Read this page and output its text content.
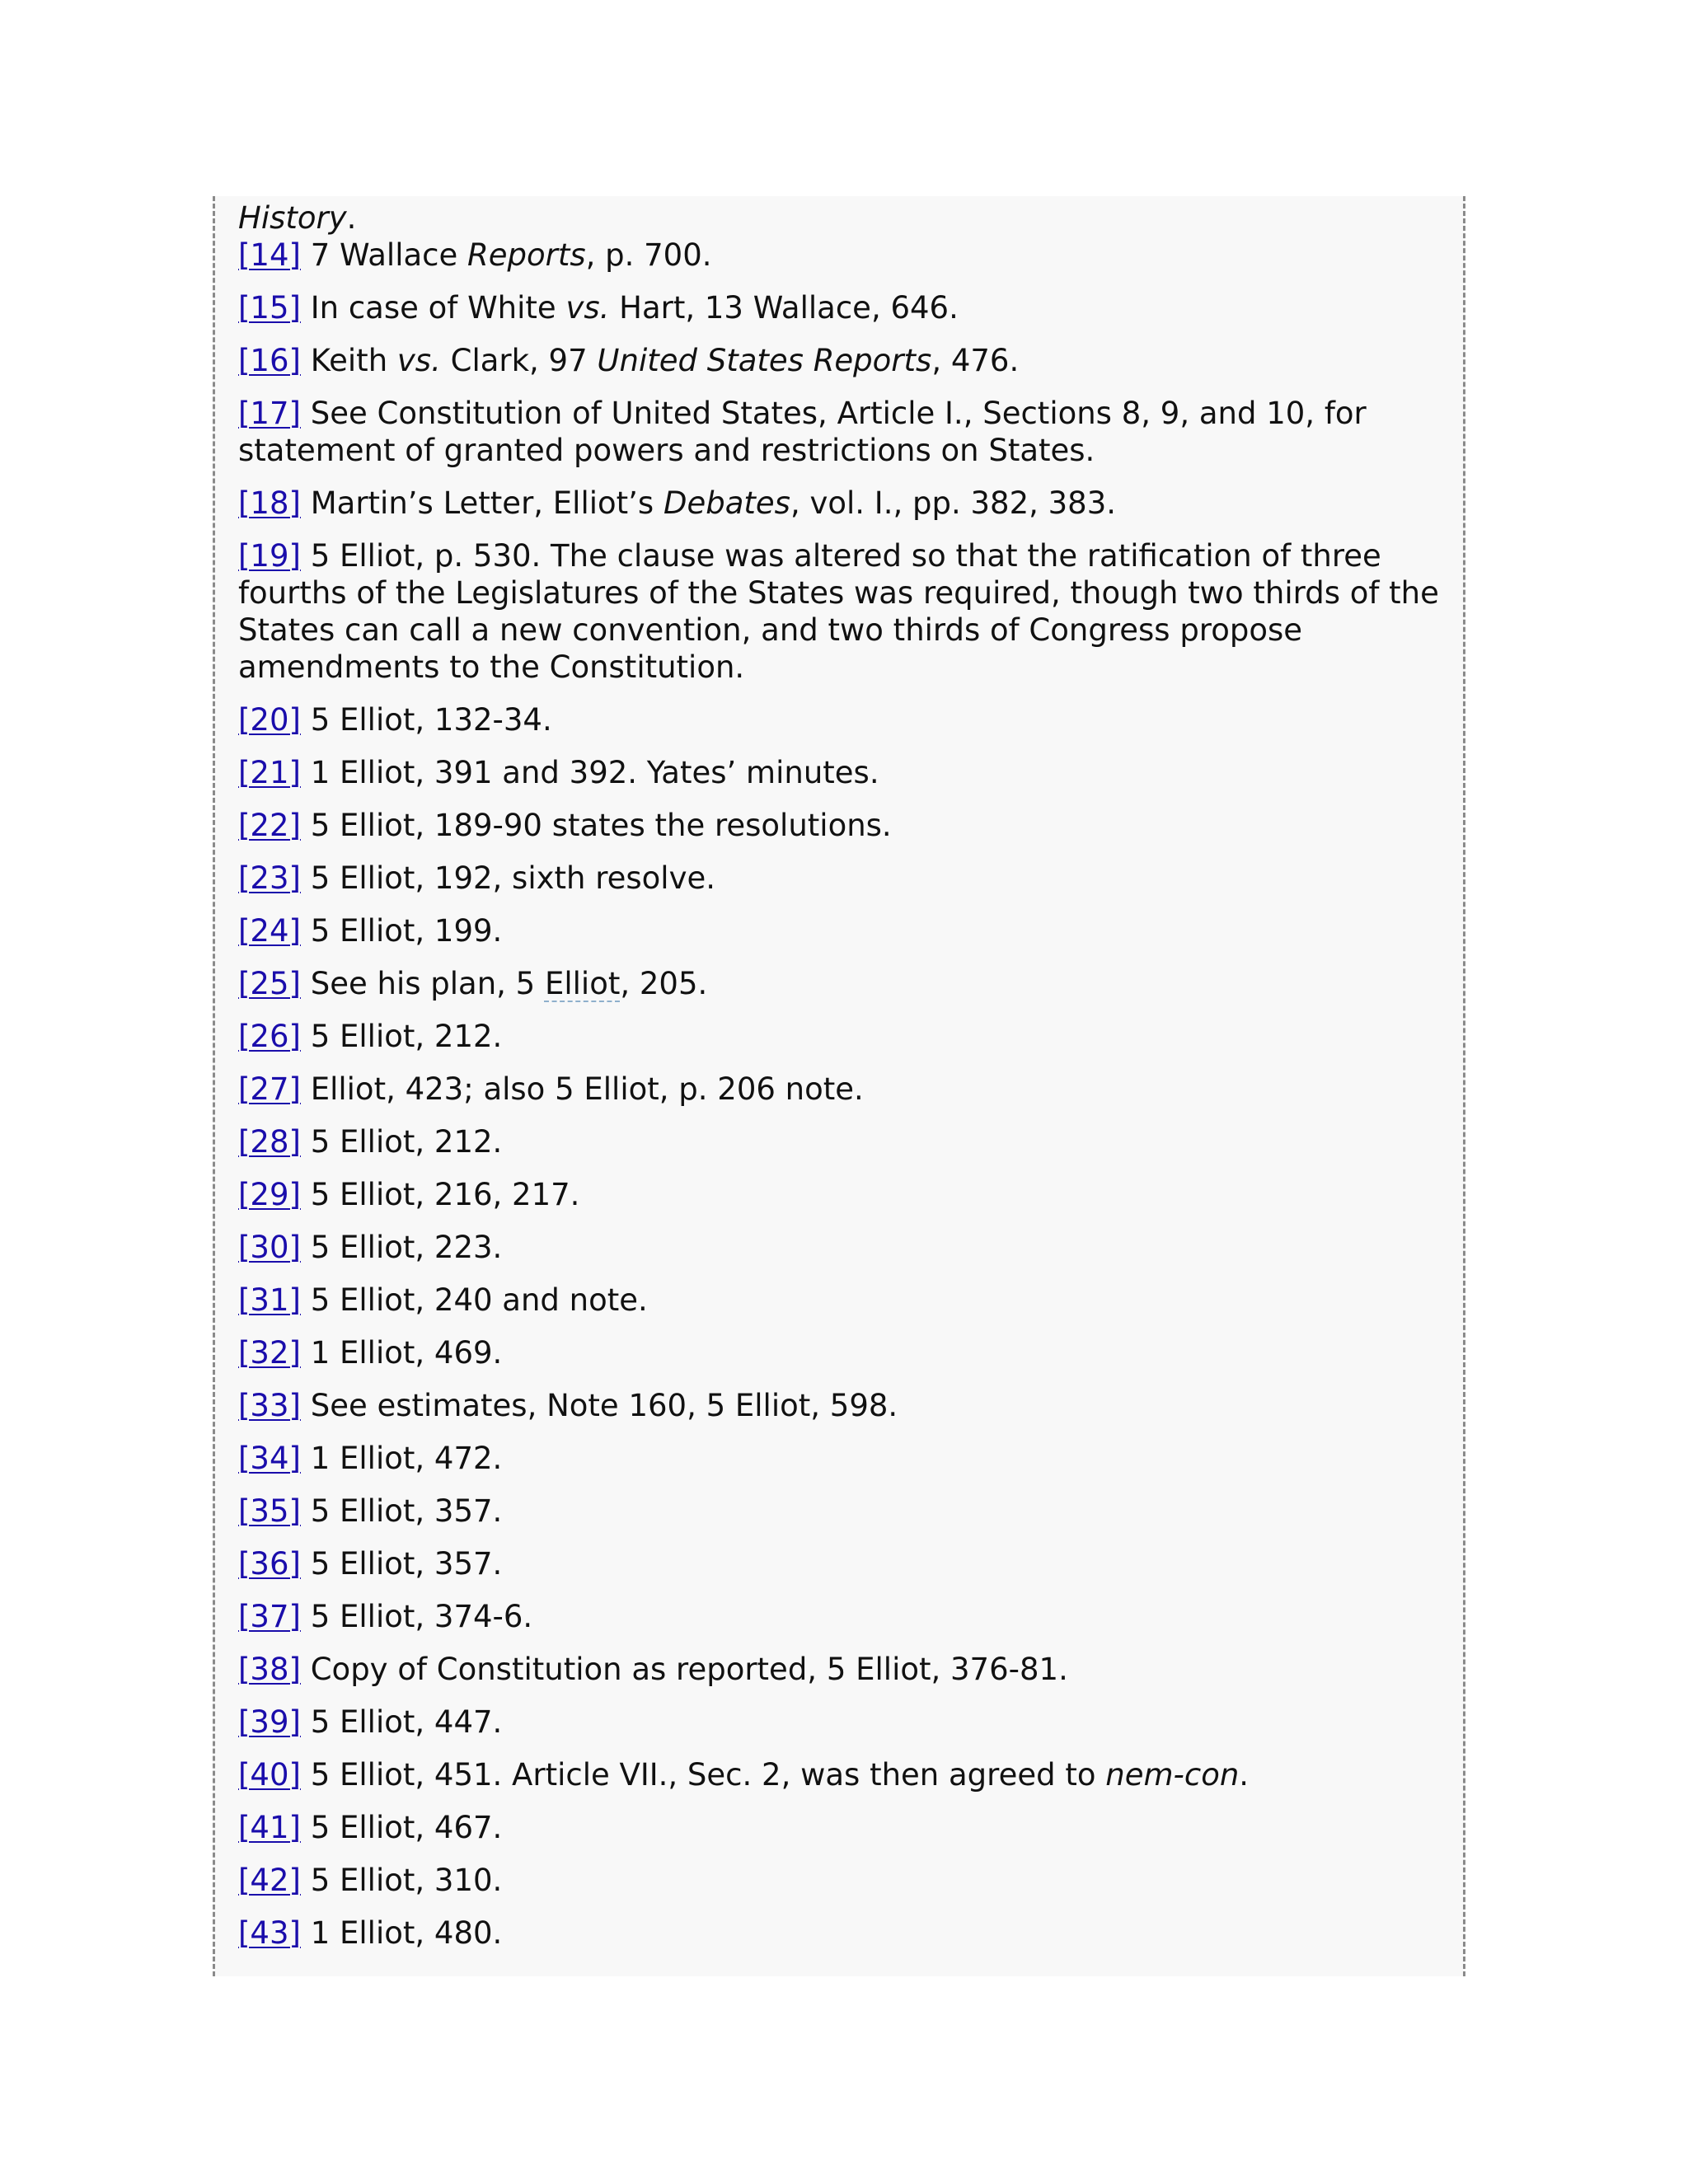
History.

[14] 7 Wallace Reports, p. 700.

[15] In case of White vs. Hart, 13 Wallace, 646.

[16] Keith vs. Clark, 97 United States Reports, 476.

[17] See Constitution of United States, Article I., Sections 8, 9, and 10, for statement of granted powers and restrictions on States.

[18] Martin’s Letter, Elliot’s Debates, vol. I., pp. 382, 383.

[19] 5 Elliot, p. 530. The clause was altered so that the ratification of three fourths of the Legislatures of the States was required, though two thirds of the States can call a new convention, and two thirds of Congress propose amendments to the Constitution.

[20] 5 Elliot, 132-34.

[21] 1 Elliot, 391 and 392. Yates’ minutes.

[22] 5 Elliot, 189-90 states the resolutions.

[23] 5 Elliot, 192, sixth resolve.

[24] 5 Elliot, 199.

[25] See his plan, 5 Elliot, 205.

[26] 5 Elliot, 212.

[27] Elliot, 423; also 5 Elliot, p. 206 note.

[28] 5 Elliot, 212.

[29] 5 Elliot, 216, 217.

[30] 5 Elliot, 223.

[31] 5 Elliot, 240 and note.

[32] 1 Elliot, 469.

[33] See estimates, Note 160, 5 Elliot, 598.

[34] 1 Elliot, 472.

[35] 5 Elliot, 357.

[36] 5 Elliot, 357.

[37] 5 Elliot, 374-6.

[38] Copy of Constitution as reported, 5 Elliot, 376-81.

[39] 5 Elliot, 447.

[40] 5 Elliot, 451. Article VII., Sec. 2, was then agreed to nem-con.

[41] 5 Elliot, 467.

[42] 5 Elliot, 310.

[43] 1 Elliot, 480.
